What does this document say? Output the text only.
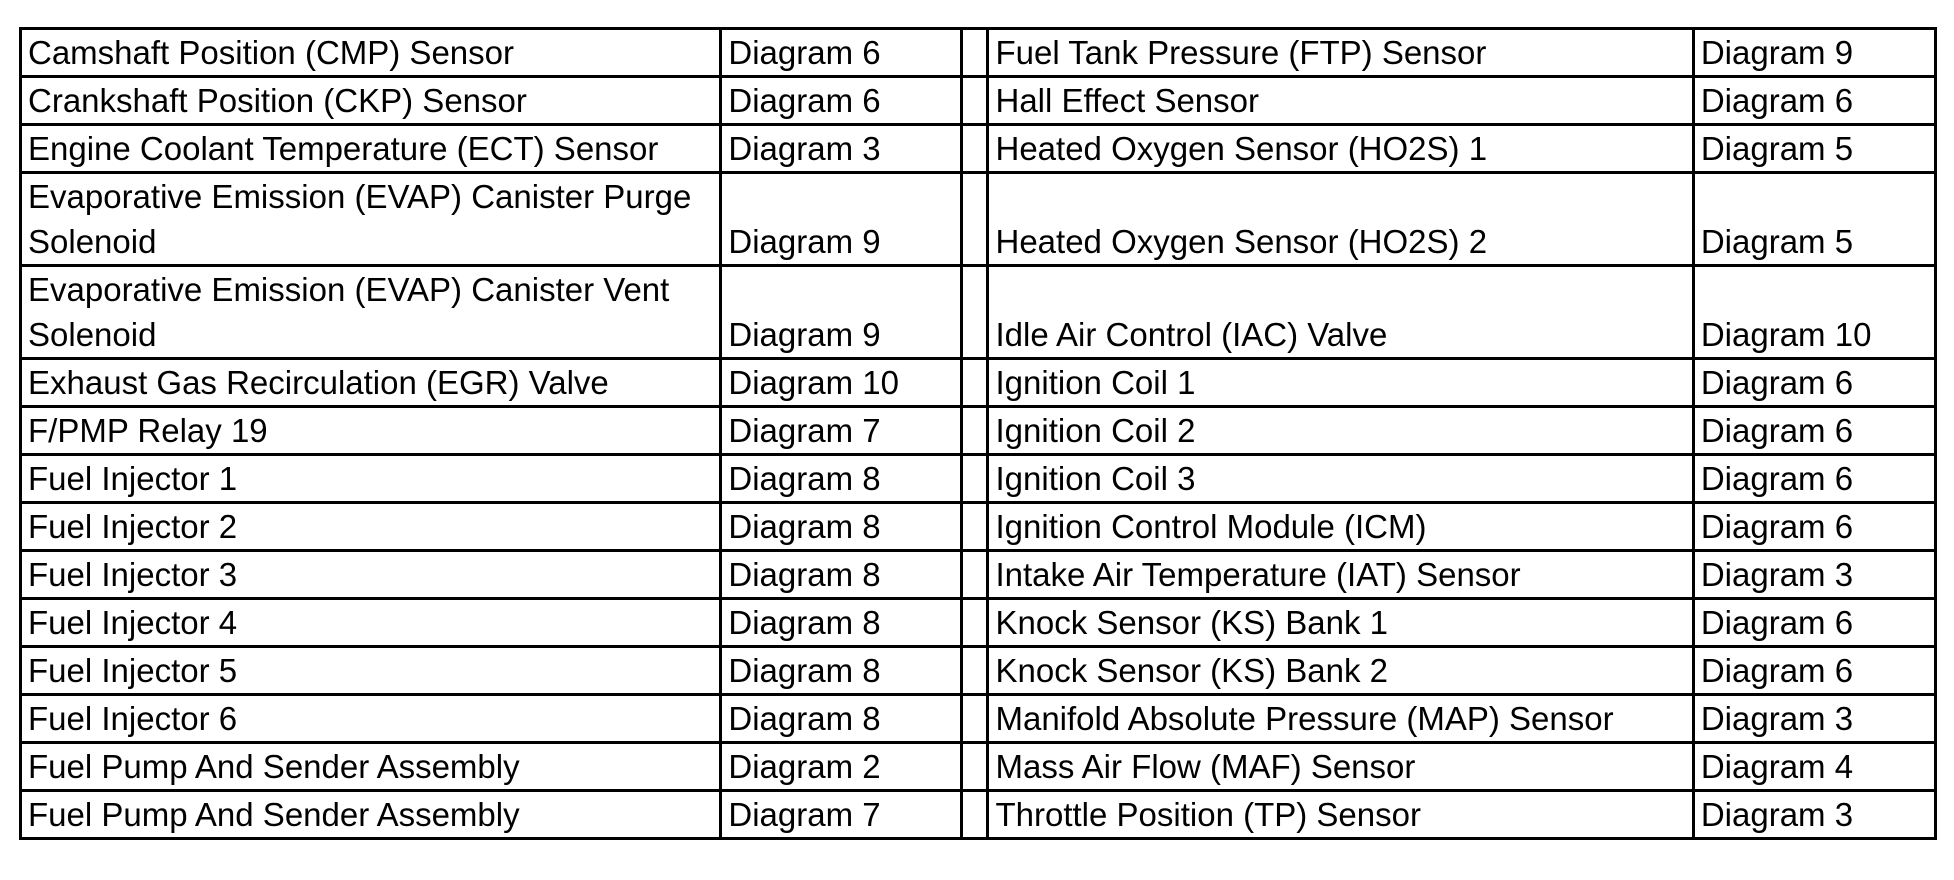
Camshaft Position (CMP) Sensor	Diagram 6		Fuel Tank Pressure (FTP) Sensor	Diagram 9
Crankshaft Position (CKP) Sensor	Diagram 6		Hall Effect Sensor	Diagram 6
Engine Coolant Temperature (ECT) Sensor	Diagram 3		Heated Oxygen Sensor (HO2S) 1	Diagram 5
Evaporative Emission (EVAP) Canister Purge Solenoid	Diagram 9		Heated Oxygen Sensor (HO2S) 2	Diagram 5
Evaporative Emission (EVAP) Canister Vent Solenoid	Diagram 9		Idle Air Control (IAC) Valve	Diagram 10
Exhaust Gas Recirculation (EGR) Valve	Diagram 10		Ignition Coil 1	Diagram 6
F/PMP Relay 19	Diagram 7		Ignition Coil 2	Diagram 6
Fuel Injector 1	Diagram 8		Ignition Coil 3	Diagram 6
Fuel Injector 2	Diagram 8		Ignition Control Module (ICM)	Diagram 6
Fuel Injector 3	Diagram 8		Intake Air Temperature (IAT) Sensor	Diagram 3
Fuel Injector 4	Diagram 8		Knock Sensor (KS) Bank 1	Diagram 6
Fuel Injector 5	Diagram 8		Knock Sensor (KS) Bank 2	Diagram 6
Fuel Injector 6	Diagram 8		Manifold Absolute Pressure (MAP) Sensor	Diagram 3
Fuel Pump And Sender Assembly	Diagram 2		Mass Air Flow (MAF) Sensor	Diagram 4
Fuel Pump And Sender Assembly	Diagram 7		Throttle Position (TP) Sensor	Diagram 3
